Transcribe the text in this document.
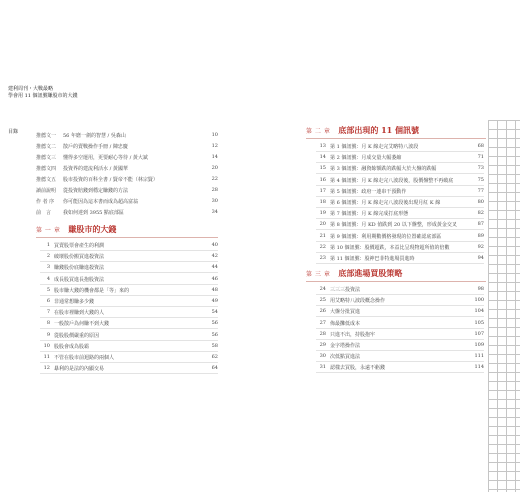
建利周刊・大戰最略
學會用 11 個訊號賺股市的大錢
目錄
推薦文一	56 年磨一劍的智慧 / 吳森山	10
推薦文二	散戶的賣戰操作手冊 / 陳忠慶	12
推薦文三	懂得多空運用，更要耐心等待 / 黃大斌	14
推薦文四	投資界的建流利活水 / 黃國華	20
推薦文五	股市投資的百科全書 / 賢帝不能（林宗賢）	22
讀前說明	從投資賠錢到穩定賺錢的方法	28
作 者 序	你可能因為這本書而成為超高富翁	30
前　言	我如何達到 3955 點底部區	34
第 一 章 賺股市的大錢
1 買賣股票會產生的利潤	40
2 破壞股份搬買進殺資法	42
3 賺錢股份底賺進殺資法	44
4 成長股買進長抱股資法	46
5 股市賺大錢的機會都是「等」來的	48
6 非通常想賺多少錢	49
7 在股市裡賺到大錢的人	54
8 一般散戶為何賺不到大錢	56
9 從股股價嚴重的原因	56
10 股股會成為股霸	58
11 不管在股市前迴路的兩個人	62
12 暴利的是法的內顯交易	64
第 二 章 底部出現的 11 個訊號
13 第 1 個訊號：月 K 線走完艾略特八波段	68
14 第 2 個訊號：月成交量大幅萎縮	71
15 第 3 個訊號：融資餘額跌的跌幅大於大盤的跌幅	73
16 第 4 個訊號：月 K 線走完八波段後，股價盤整不再破底	75
17 第 5 個訊號：政府一連串干預動作	77
18 第 6 個訊號：月 K 線走完八波段後出現月紅 K 線	80
19 第 7 個訊號：月 K 線完成打底形態	82
20 第 8 個訊號：月 KD 值跌到 20 以下盤整，形成黃金交叉	87
21 第 9 個訊號：利用期數價格發現的位置確認底部區	89
22 第 10 個訊號：股價超跌，本益比呈現物超所值的倍數	92
23 第 11 個訊號：股神巴菲特進場買進時	94
第 三 章 底部進場買股策略
24 三三三投資法	98
25 用艾略特八波段概念操作	100
26 大盤分批買進	104
27 佈最攤低成本	105
28 只進不出，持股抱牢	107
29 金字塔操作法	109
30 次低點買進法	111
31 認樣去買股，永遠不虧錢	114
